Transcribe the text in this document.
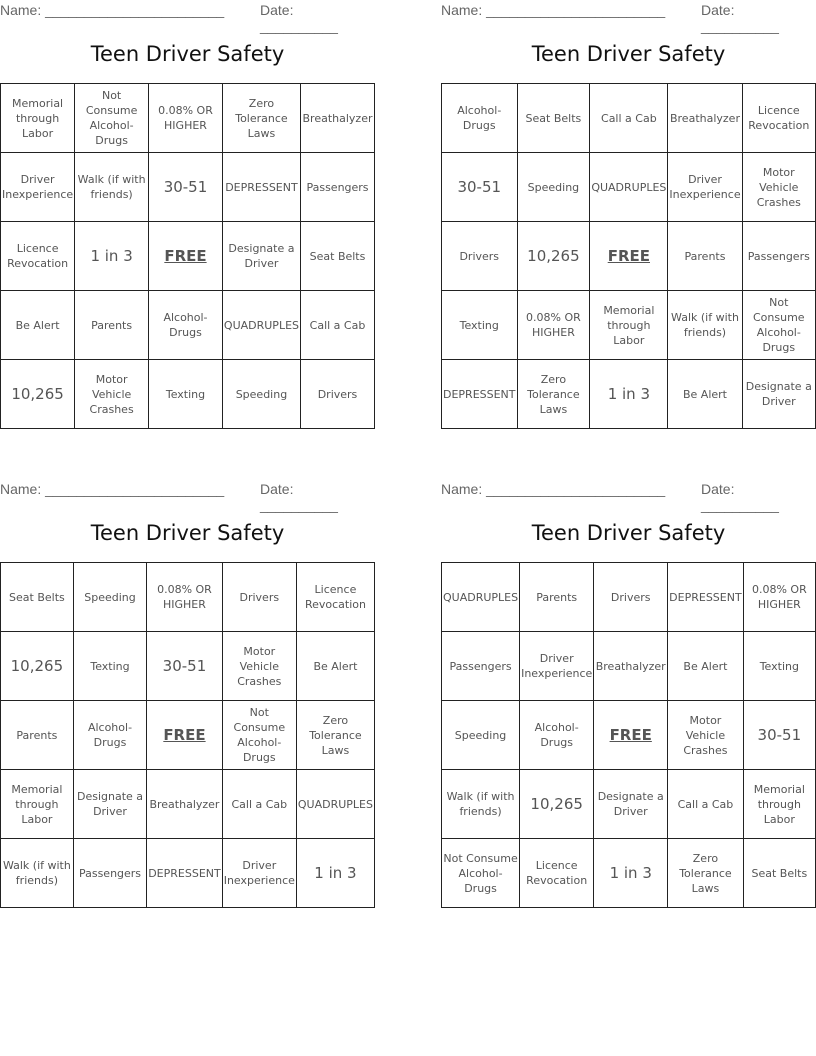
Name: _______________________	Date: __________
Teen Driver Safety
Memorial through Labor	Not Consume Alcohol-Drugs	0.08% OR HIGHER	Zero Tolerance Laws	Breathalyzer
Driver Inexperience	Walk (if with friends)	30-51	DEPRESSENT	Passengers
Licence Revocation	1 in 3	FREE	Designate a Driver	Seat Belts
Be Alert	Parents	Alcohol-Drugs	QUADRUPLES	Call a Cab
10,265	Motor Vehicle Crashes	Texting	Speeding	Drivers
Name: _______________________	Date: __________
Teen Driver Safety
Alcohol-Drugs	Seat Belts	Call a Cab	Breathalyzer	Licence Revocation
30-51	Speeding	QUADRUPLES	Driver Inexperience	Motor Vehicle Crashes
Drivers	10,265	FREE	Parents	Passengers
Texting	0.08% OR HIGHER	Memorial through Labor	Walk (if with friends)	Not Consume Alcohol-Drugs
DEPRESSENT	Zero Tolerance Laws	1 in 3	Be Alert	Designate a Driver
Name: _______________________	Date: __________
Teen Driver Safety
Seat Belts	Speeding	0.08% OR HIGHER	Drivers	Licence Revocation
10,265	Texting	30-51	Motor Vehicle Crashes	Be Alert
Parents	Alcohol-Drugs	FREE	Not Consume Alcohol-Drugs	Zero Tolerance Laws
Memorial through Labor	Designate a Driver	Breathalyzer	Call a Cab	QUADRUPLES
Walk (if with friends)	Passengers	DEPRESSENT	Driver Inexperience	1 in 3
Name: _______________________	Date: __________
Teen Driver Safety
QUADRUPLES	Parents	Drivers	DEPRESSENT	0.08% OR HIGHER
Passengers	Driver Inexperience	Breathalyzer	Be Alert	Texting
Speeding	Alcohol-Drugs	FREE	Motor Vehicle Crashes	30-51
Walk (if with friends)	10,265	Designate a Driver	Call a Cab	Memorial through Labor
Not Consume Alcohol-Drugs	Licence Revocation	1 in 3	Zero Tolerance Laws	Seat Belts
